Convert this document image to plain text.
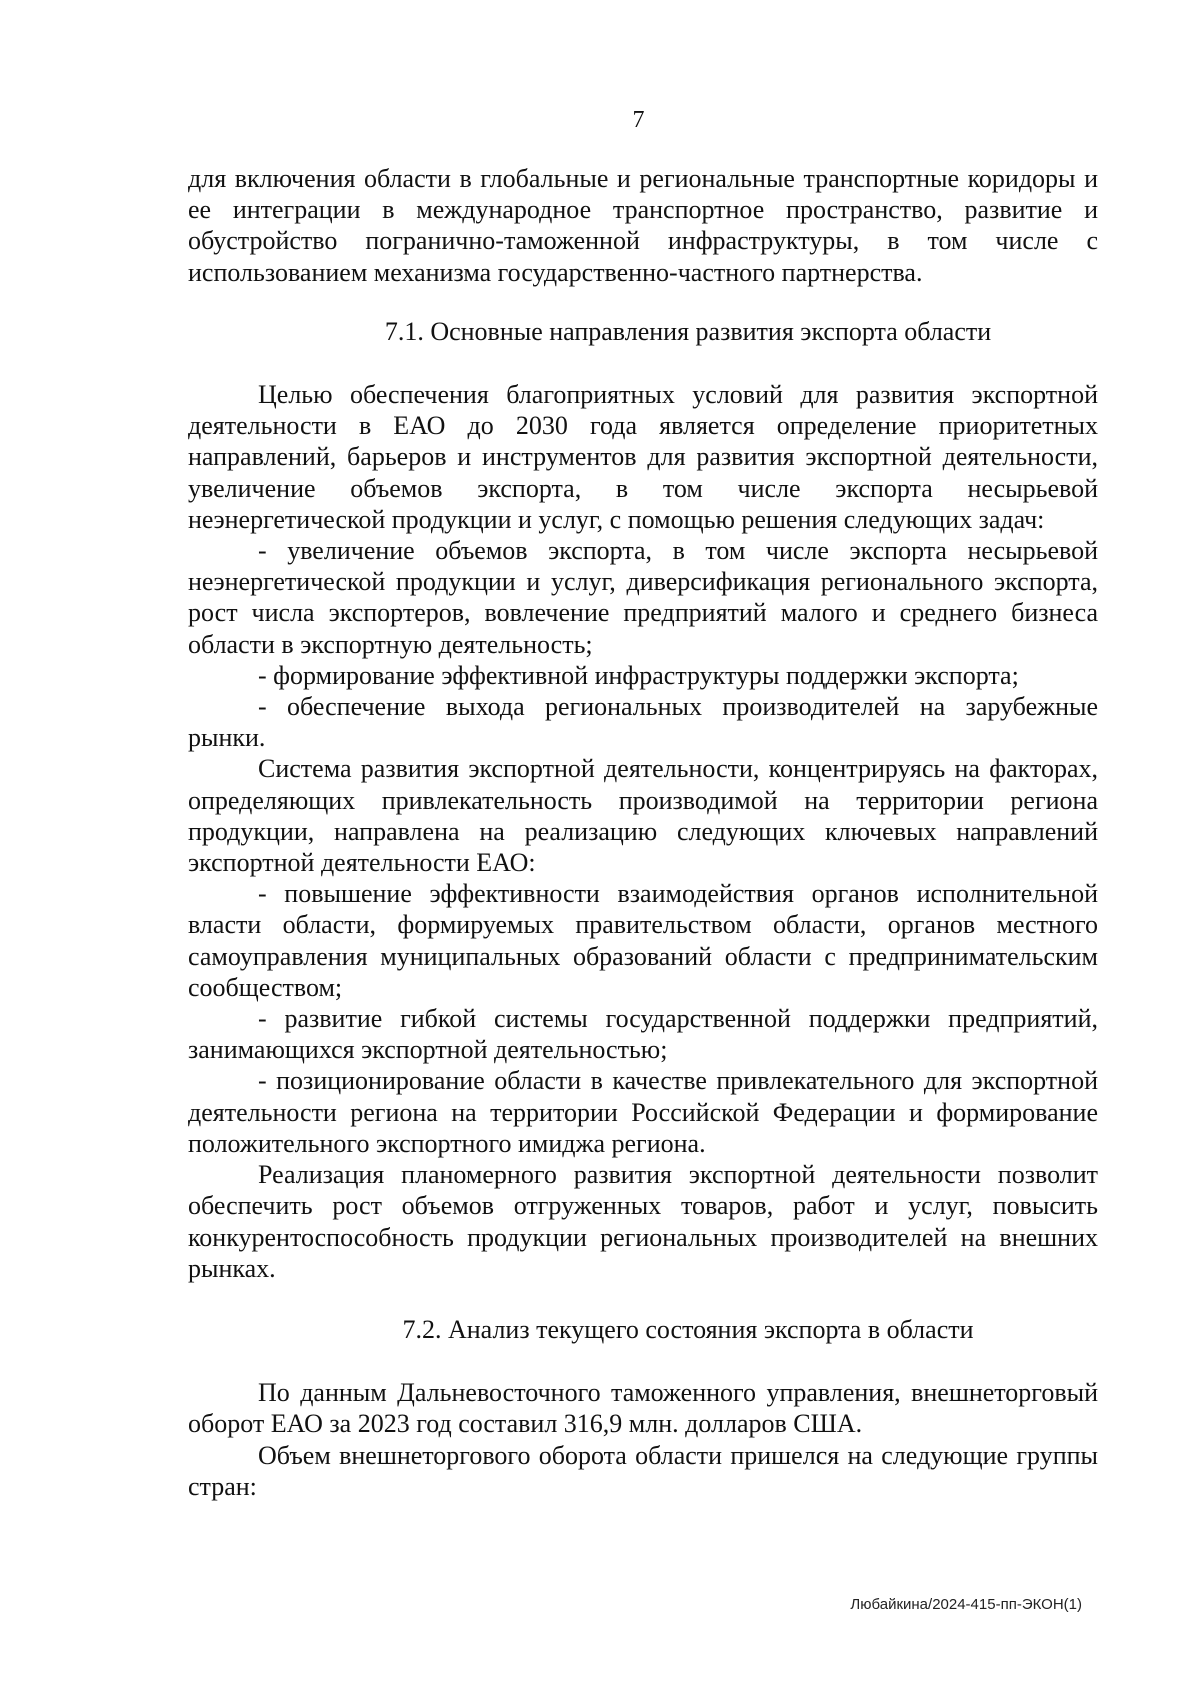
7

для включения области в глобальные и региональные транспортные коридоры и ее интеграции в международное транспортное пространство, развитие и обустройство погранично-таможенной инфраструктуры, в том числе с использованием механизма государственно-частного партнерства.

7.1. Основные направления развития экспорта области

Целью обеспечения благоприятных условий для развития экспортной деятельности в ЕАО до 2030 года является определение приоритетных направлений, барьеров и инструментов для развития экспортной деятельности, увеличение объемов экспорта, в том числе экспорта несырьевой неэнергетической продукции и услуг, с помощью решения следующих задач:

- увеличение объемов экспорта, в том числе экспорта несырьевой неэнергетической продукции и услуг, диверсификация регионального экспорта, рост числа экспортеров, вовлечение предприятий малого и среднего бизнеса области в экспортную деятельность;

- формирование эффективной инфраструктуры поддержки экспорта;

- обеспечение выхода региональных производителей на зарубежные рынки.

Система развития экспортной деятельности, концентрируясь на факторах, определяющих привлекательность производимой на территории региона продукции, направлена на реализацию следующих ключевых направлений экспортной деятельности ЕАО:

- повышение эффективности взаимодействия органов исполнительной власти области, формируемых правительством области, органов местного самоуправления муниципальных образований области с предпринимательским сообществом;

- развитие гибкой системы государственной поддержки предприятий, занимающихся экспортной деятельностью;

- позиционирование области в качестве привлекательного для экспортной деятельности региона на территории Российской Федерации и формирование положительного экспортного имиджа региона.

Реализация планомерного развития экспортной деятельности позволит обеспечить рост объемов отгруженных товаров, работ и услуг, повысить конкурентоспособность продукции региональных производителей на внешних рынках.

7.2. Анализ текущего состояния экспорта в области

По данным Дальневосточного таможенного управления, внешнеторговый оборот ЕАО за 2023 год составил 316,9 млн. долларов США.

Объем внешнеторгового оборота области пришелся на следующие группы стран:

Любайкина/2024-415-пп-ЭКОН(1)
